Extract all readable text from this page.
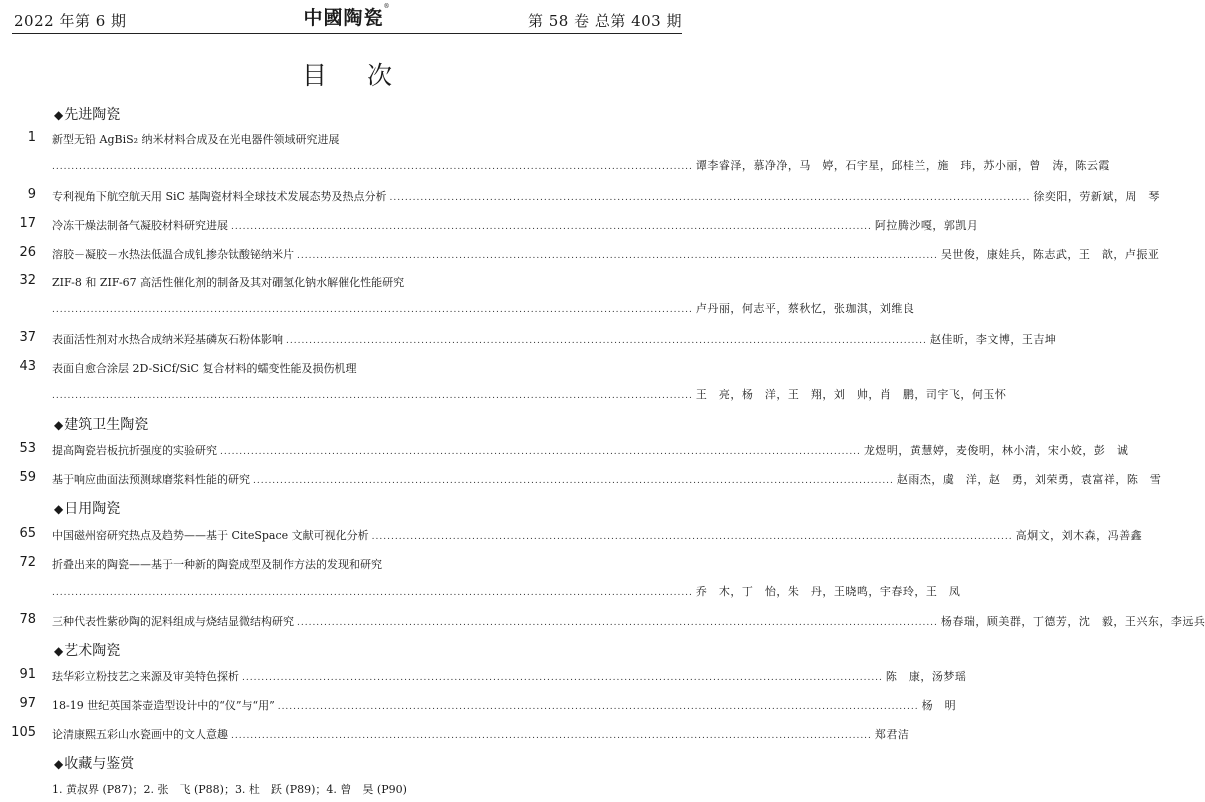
2022 年第 6 期	中國陶瓷®
第 58 卷 总第 403 期
目次
◆先进陶瓷
1 新型无铅 AgBiS₂ 纳米材料合成及在光电器件领域研究进展
...................................................................................................................................................................... 谭李睿泽，慕净净，马　婷，石宇星，邱桂兰，施　玮，苏小丽，曾　涛，陈云霞
9 专利视角下航空航天用 SiC 基陶瓷材料全球技术发展态势及热点分析 ...................................................................................................................................................................... 徐奕阳，劳新斌，周　琴
17 冷冻干燥法制备气凝胶材料研究进展 ...................................................................................................................................................................... 阿拉腾沙嘎，郭凯月
26 溶胶－凝胶－水热法低温合成钆掺杂钛酸铋纳米片 ...................................................................................................................................................................... 吴世俊，康娃兵，陈志武，王　歆，卢振亚
32 ZIF-8 和 ZIF-67 高活性催化剂的制备及其对硼氢化钠水解催化性能研究
...................................................................................................................................................................... 卢丹丽，何志平，蔡秋忆，张珈淇，刘维良
37 表面活性剂对水热合成纳米羟基磷灰石粉体影响 ...................................................................................................................................................................... 赵佳昕，李文博，王吉坤
43 表面自愈合涂层 2D-SiCf/SiC 复合材料的蠕变性能及损伤机理
...................................................................................................................................................................... 王　亮，杨　洋，王　翔，刘　帅，肖　鹏，司宇飞，何玉怀
◆建筑卫生陶瓷
53 提高陶瓷岩板抗折强度的实验研究 ...................................................................................................................................................................... 龙煜明，黄慧婷，麦俊明，林小清，宋小姣，彭　诚
59 基于响应曲面法预测球磨浆料性能的研究 ...................................................................................................................................................................... 赵雨杰，虞　洋，赵　勇，刘荣勇，袁富祥，陈　雪
◆日用陶瓷
65 中国磁州窑研究热点及趋势——基于 CiteSpace 文献可视化分析 ...................................................................................................................................................................... 高炯文，刘木森，冯善鑫
72 折叠出来的陶瓷——基于一种新的陶瓷成型及制作方法的发现和研究
...................................................................................................................................................................... 乔　木，丁　怡，朱　丹，王晓鸣，宇春玲，王　凤
78 三种代表性紫砂陶的泥料组成与烧结显微结构研究 ...................................................................................................................................................................... 杨春瑞，顾美群，丁德芳，沈　毅，王兴东，李远兵
◆艺术陶瓷
91 珐华彩立粉技艺之来源及审美特色探析 ...................................................................................................................................................................... 陈　康，汤梦瑶
97 18-19 世纪英国茶壶造型设计中的“仪”与“用” ...................................................................................................................................................................... 杨　明
105 论清康熙五彩山水瓷画中的文人意趣 ...................................................................................................................................................................... 郑君洁
◆收藏与鉴赏
1. 黄叔界 (P87)；2. 张　飞 (P88)；3. 杜　跃 (P89)；4. 曾　昊 (P90)
